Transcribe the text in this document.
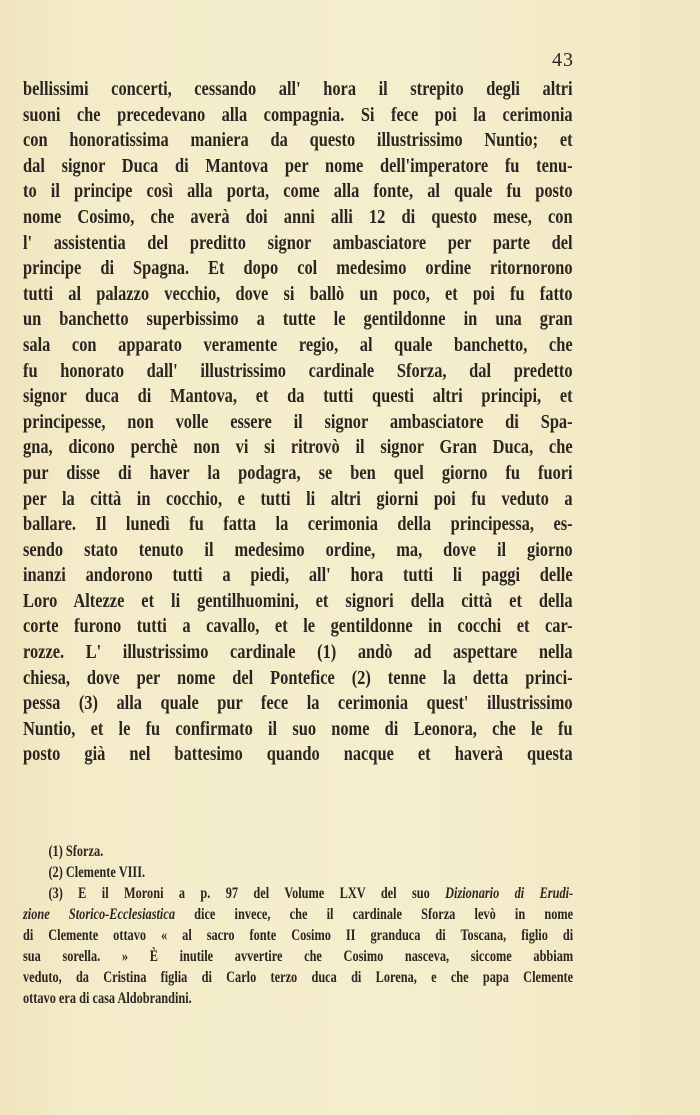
43
bellissimi concerti, cessando all' hora il strepito degli altri
suoni che precedevano alla compagnia. Si fece poi la cerimonia
con honoratissima maniera da questo illustrissimo Nuntio; et
dal signor Duca di Mantova per nome dell'imperatore fu tenu-
to il principe così alla porta, come alla fonte, al quale fu posto
nome Cosimo, che averà doi anni alli 12 di questo mese, con
l' assistentia del preditto signor ambasciatore per parte del
principe di Spagna. Et dopo col medesimo ordine ritornorono
tutti al palazzo vecchio, dove si ballò un poco, et poi fu fatto
un banchetto superbissimo a tutte le gentildonne in una gran
sala con apparato veramente regio, al quale banchetto, che
fu honorato dall' illustrissimo cardinale Sforza, dal predetto
signor duca di Mantova, et da tutti questi altri principi, et
principesse, non volle essere il signor ambasciatore di Spa-
gna, dicono perchè non vi si ritrovò il signor Gran Duca, che
pur disse di haver la podagra, se ben quel giorno fu fuori
per la città in cocchio, e tutti li altri giorni poi fu veduto a
ballare. Il lunedì fu fatta la cerimonia della principessa, es-
sendo stato tenuto il medesimo ordine, ma, dove il giorno
inanzi andorono tutti a piedi, all' hora tutti li paggi delle
Loro Altezze et li gentilhuomini, et signori della città et della
corte furono tutti a cavallo, et le gentildonne in cocchi et car-
rozze. L' illustrissimo cardinale (1) andò ad aspettare nella
chiesa, dove per nome del Pontefice (2) tenne la detta princi-
pessa (3) alla quale pur fece la cerimonia quest' illustrissimo
Nuntio, et le fu confirmato il suo nome di Leonora, che le fu
posto già nel battesimo quando nacque et haverà questa
(1) Sforza.
(2) Clemente VIII.
(3) E il Moroni a p. 97 del Volume LXV del suo Dizionario di Erudi-
zione Storico-Ecclesiastica dice invece, che il cardinale Sforza levò in nome
di Clemente ottavo « al sacro fonte Cosimo II granduca di Toscana, figlio di
sua sorella. » È inutile avvertire che Cosimo nasceva, siccome abbiam
veduto, da Cristina figlia di Carlo terzo duca di Lorena, e che papa Clemente
ottavo era di casa Aldobrandini.
